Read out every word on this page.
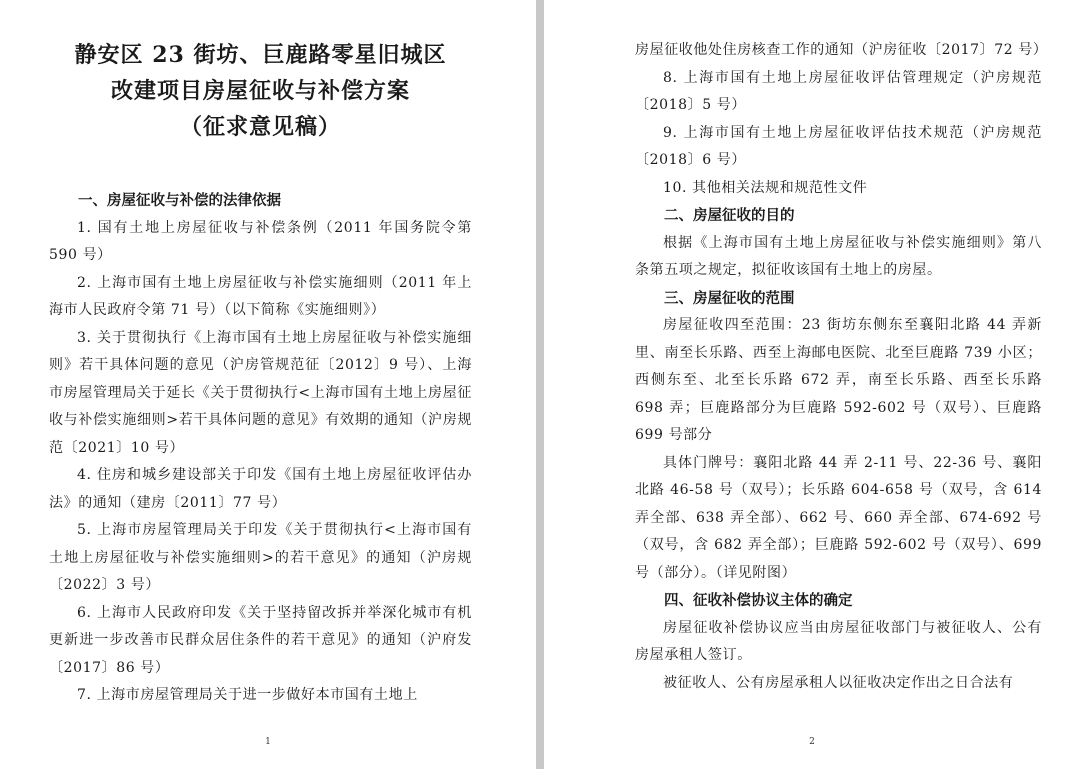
静安区 23 街坊、巨鹿路零星旧城区
改建项目房屋征收与补偿方案
（征求意见稿）

一、房屋征收与补偿的法律依据

1. 国有土地上房屋征收与补偿条例（2011 年国务院令第 590 号）

2. 上海市国有土地上房屋征收与补偿实施细则（2011 年上海市人民政府令第 71 号）（以下简称《实施细则》）

3. 关于贯彻执行《上海市国有土地上房屋征收与补偿实施细则》若干具体问题的意见（沪房管规范征〔2012〕9 号）、上海市房屋管理局关于延长《关于贯彻执行<上海市国有土地上房屋征收与补偿实施细则>若干具体问题的意见》有效期的通知（沪房规范〔2021〕10 号）

4. 住房和城乡建设部关于印发《国有土地上房屋征收评估办法》的通知（建房〔2011〕77 号）

5. 上海市房屋管理局关于印发《关于贯彻执行<上海市国有土地上房屋征收与补偿实施细则>的若干意见》的通知（沪房规〔2022〕3 号）

6. 上海市人民政府印发《关于坚持留改拆并举深化城市有机更新进一步改善市民群众居住条件的若干意见》的通知（沪府发〔2017〕86 号）

7. 上海市房屋管理局关于进一步做好本市国有土地上

1

房屋征收他处住房核查工作的通知（沪房征收〔2017〕72 号）

8. 上海市国有土地上房屋征收评估管理规定（沪房规范〔2018〕5 号）

9. 上海市国有土地上房屋征收评估技术规范（沪房规范〔2018〕6 号）

10. 其他相关法规和规范性文件

二、房屋征收的目的

根据《上海市国有土地上房屋征收与补偿实施细则》第八条第五项之规定，拟征收该国有土地上的房屋。

三、房屋征收的范围

房屋征收四至范围：23 街坊东侧东至襄阳北路 44 弄新里、南至长乐路、西至上海邮电医院、北至巨鹿路 739 小区；西侧东至、北至长乐路 672 弄，南至长乐路、西至长乐路 698 弄；巨鹿路部分为巨鹿路 592-602 号（双号）、巨鹿路 699 号部分

具体门牌号：襄阳北路 44 弄 2-11 号、22-36 号、襄阳北路 46-58 号（双号）；长乐路 604-658 号（双号，含 614 弄全部、638 弄全部）、662 号、660 弄全部、674-692 号（双号，含 682 弄全部）；巨鹿路 592-602 号（双号）、699 号（部分）。（详见附图）

四、征收补偿协议主体的确定

房屋征收补偿协议应当由房屋征收部门与被征收人、公有房屋承租人签订。

被征收人、公有房屋承租人以征收决定作出之日合法有

2
